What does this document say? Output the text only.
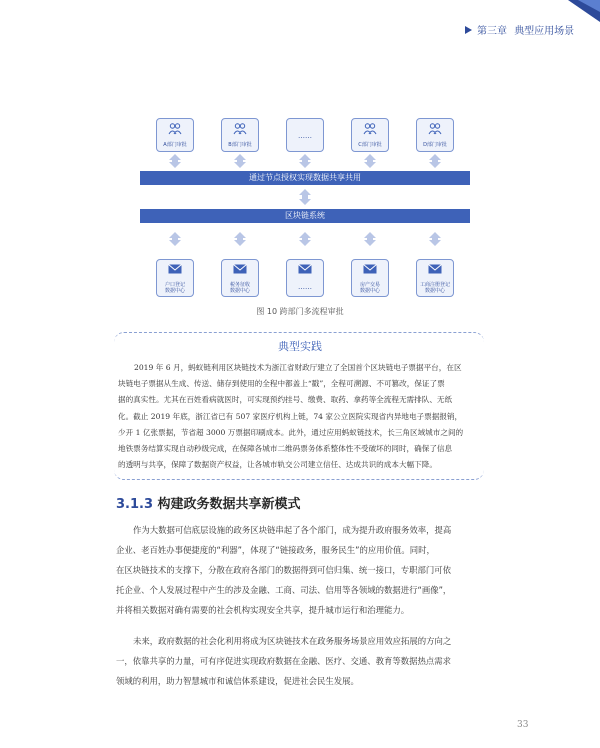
第三章 典型应用场景
A部门审批	B部门审批
……
C部门审批	D部门审批
通过节点授权实现数据共享共用
区块链系统
户口登记
数据中心
税务征收
数据中心	……	房产交易
数据中心
工商注册登记
数据中心
图 10 跨部门多流程审批
典型实践
2019 年 6 月，蚂蚁链利用区块链技术为浙江省财政厅建立了全国首个区块链电子票据平台，在区
块链电子票据从生成、传送、储存到使用的全程中都盖上“戳”，全程可溯源、不可篡改，保证了票
据的真实性。尤其在百姓看病就医时，可实现预约挂号、缴费、取药、拿药等全流程无需排队、无纸
化。截止 2019 年底，浙江省已有 507 家医疗机构上链，74 家公立医院实现省内异地电子票据报销，
少开 1 亿张票据，节省超 3000 万票据印刷成本。此外，通过应用蚂蚁链技术，长三角区域城市之间的
地铁票务结算实现自动秒级完成，在保障各城市二维码票务体系整体性不受破坏的同时，确保了信息
的透明与共享，保障了数据资产权益，让各城市轨交公司建立信任、达成共识的成本大幅下降。
3.1.3 构建政务数据共享新模式
作为大数据可信底层设施的政务区块链串起了各个部门，成为提升政府服务效率，提高
企业、老百姓办事便捷度的“利器”，体现了“链接政务，服务民生”的应用价值。同时，
在区块链技术的支撑下，分散在政府各部门的数据得到可信归集、统一接口，专职部门可依
托企业、个人发展过程中产生的涉及金融、工商、司法、信用等各领域的数据进行“画像”，
并将相关数据对确有需要的社会机构实现安全共享，提升城市运行和治理能力。
未来，政府数据的社会化利用将成为区块链技术在政务服务场景应用效应拓展的方向之
一，依靠共享的力量，可有序促进实现政府数据在金融、医疗、交通、教育等数据热点需求
领域的利用，助力智慧城市和诚信体系建设，促进社会民生发展。
33
